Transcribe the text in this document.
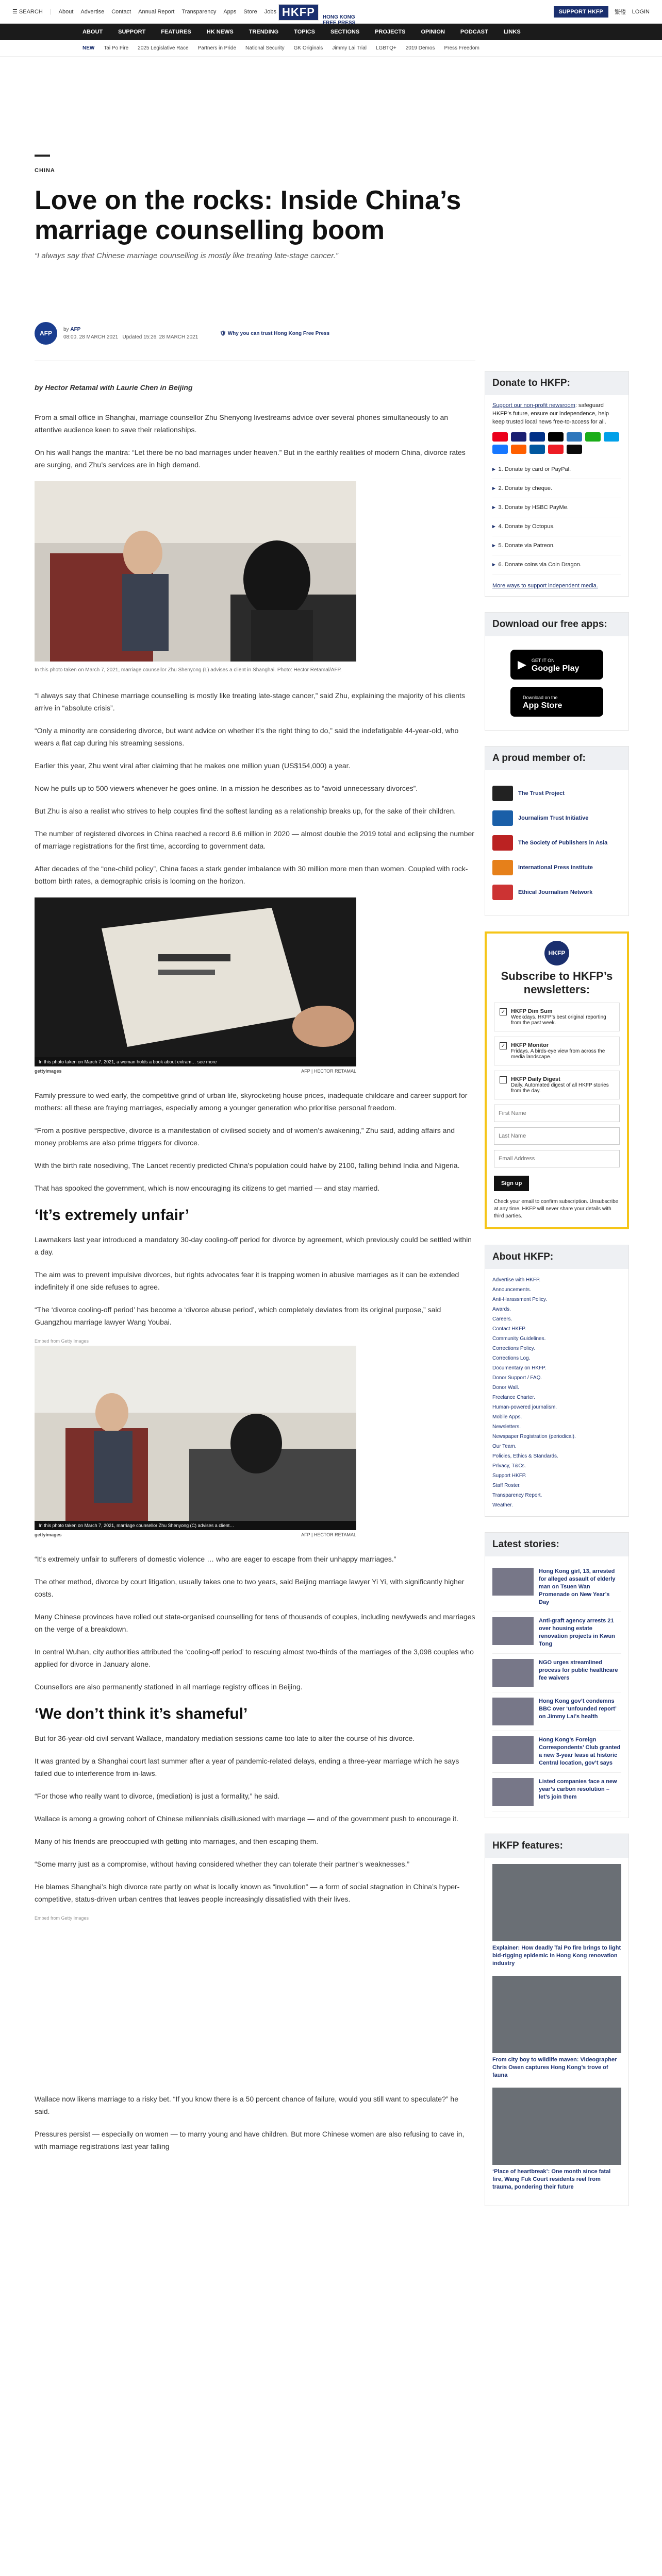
☰ SEARCH | About Advertise Contact Annual Report Transparency Apps Store Jobs HKFP	HONG KONG FREE PRESS
SUPPORT HKFP	繁體 LOGIN
ABOUT	SUPPORT	FEATURES	HK NEWS	TRENDING	TOPICS	SECTIONS	PROJECTS	OPINION	PODCAST	LINKS
NEW Tai Po Fire 2025 Legislative Race Partners in Pride National Security GK Originals Jimmy Lai Trial LGBTQ+ 2019 Demos Press Freedom
CHINA
Love on the rocks: Inside China’s marriage counselling boom
“I always say that Chinese marriage counselling is mostly like treating late-stage cancer.”
AFP
by AFP
08:00, 28 MARCH 2021 Updated 15:26, 28 MARCH 2021
🛡 Why you can trust Hong Kong Free Press

by Hector Retamal with Laurie Chen in Beijing

From a small office in Shanghai, marriage counsellor Zhu Shenyong livestreams advice over several phones simultaneously to an attentive audience keen to save their relationships.

On his wall hangs the mantra: “Let there be no bad marriages under heaven.” But in the earthly realities of modern China, divorce rates are surging, and Zhu’s services are in high demand.

In this photo taken on March 7, 2021, marriage counsellor Zhu Shenyong (L) advises a client in Shanghai. Photo: Hector Retamal/AFP.

“I always say that Chinese marriage counselling is mostly like treating late-stage cancer,” said Zhu, explaining the majority of his clients arrive in “absolute crisis”.

“Only a minority are considering divorce, but want advice on whether it’s the right thing to do,” said the indefatigable 44-year-old, who wears a flat cap during his streaming sessions.

Earlier this year, Zhu went viral after claiming that he makes one million yuan (US$154,000) a year.

Now he pulls up to 500 viewers whenever he goes online. In a mission he describes as to “avoid unnecessary divorces”.

But Zhu is also a realist who strives to help couples find the softest landing as a relationship breaks up, for the sake of their children.

The number of registered divorces in China reached a record 8.6 million in 2020 — almost double the 2019 total and eclipsing the number of marriage registrations for the first time, according to government data.

After decades of the “one-child policy”, China faces a stark gender imbalance with 30 million more men than women. Coupled with rock-bottom birth rates, a demographic crisis is looming on the horizon.

In this photo taken on March 7, 2021, a woman holds a book about extram… see more
gettyimages	AFP | HECTOR RETAMAL

Family pressure to wed early, the competitive grind of urban life, skyrocketing house prices, inadequate childcare and career support for mothers: all these are fraying marriages, especially among a younger generation who prioritise personal freedom.

“From a positive perspective, divorce is a manifestation of civilised society and of women’s awakening,” Zhu said, adding affairs and money problems are also prime triggers for divorce.

With the birth rate nosediving, The Lancet recently predicted China’s population could halve by 2100, falling behind India and Nigeria.

That has spooked the government, which is now encouraging its citizens to get married — and stay married.

‘It’s extremely unfair’

Lawmakers last year introduced a mandatory 30-day cooling-off period for divorce by agreement, which previously could be settled within a day.

The aim was to prevent impulsive divorces, but rights advocates fear it is trapping women in abusive marriages as it can be extended indefinitely if one side refuses to agree.

“The ‘divorce cooling-off period’ has become a ‘divorce abuse period’, which completely deviates from its original purpose,” said Guangzhou marriage lawyer Wang Youbai.

Embed from Getty Images
In this photo taken on March 7, 2021, marriage counsellor Zhu Shenyong (C) advises a client…
gettyimages	AFP | HECTOR RETAMAL

“It’s extremely unfair to sufferers of domestic violence … who are eager to escape from their unhappy marriages.”

The other method, divorce by court litigation, usually takes one to two years, said Beijing marriage lawyer Yi Yi, with significantly higher costs.

Many Chinese provinces have rolled out state-organised counselling for tens of thousands of couples, including newlyweds and marriages on the verge of a breakdown.

In central Wuhan, city authorities attributed the ‘cooling-off period’ to rescuing almost two-thirds of the marriages of the 3,098 couples who applied for divorce in January alone.

Counsellors are also permanently stationed in all marriage registry offices in Beijing.

‘We don’t think it’s shameful’

But for 36-year-old civil servant Wallace, mandatory mediation sessions came too late to alter the course of his divorce.

It was granted by a Shanghai court last summer after a year of pandemic-related delays, ending a three-year marriage which he says failed due to interference from in-laws.

“For those who really want to divorce, (mediation) is just a formality,” he said.

Wallace is among a growing cohort of Chinese millennials disillusioned with marriage — and of the government push to encourage it.

Many of his friends are preoccupied with getting into marriages, and then escaping them.

“Some marry just as a compromise, without having considered whether they can tolerate their partner’s weaknesses.”

He blames Shanghai’s high divorce rate partly on what is locally known as “involution” — a form of social stagnation in China’s hyper-competitive, status-driven urban centres that leaves people increasingly dissatisfied with their lives.

Embed from Getty Images

Wallace now likens marriage to a risky bet. “If you know there is a 50 percent chance of failure, would you still want to speculate?” he said.

Pressures persist — especially on women — to marry young and have children. But more Chinese women are also refusing to cave in, with marriage registrations last year falling

Donate to HKFP:
Support our non-profit newsroom: safeguard HKFP’s future, ensure our independence, help keep trusted local news free-to-access for all.
▸ 1. Donate by card or PayPal.
▸ 2. Donate by cheque.
▸ 3. Donate by HSBC PayMe.
▸ 4. Donate by Octopus.
▸ 5. Donate via Patreon.
▸ 6. Donate coins via Coin Dragon.
More ways to support independent media.
Download our free apps:
▶ GET IT ON
Google Play
Download on the
App Store
A proud member of:
The Trust Project
Journalism Trust Initiative
The Society of Publishers in Asia
International Press Institute
Ethical Journalism Network
HKFP
Subscribe to HKFP’s newsletters:
✓ HKFP Dim Sum
Weekdays. HKFP’s best original reporting from the past week.
✓ HKFP Monitor
Fridays. A birds-eye view from across the media landscape.
HKFP Daily Digest
Daily. Automated digest of all HKFP stories from the day.
First Name Last Name Email Address Sign up
Check your email to confirm subscription. Unsubscribe at any time. HKFP will never share your details with third parties.
About HKFP:
Advertise with HKFP.
Announcements.
Anti-Harassment Policy.
Awards.
Careers.
Contact HKFP.
Community Guidelines.
Corrections Policy.
Corrections Log.
Documentary on HKFP.
Donor Support / FAQ.
Donor Wall.
Freelance Charter.
Human-powered journalism.
Mobile Apps.
Newsletters.
Newspaper Registration (periodical).
Our Team.
Policies, Ethics & Standards.
Privacy, T&Cs.
Support HKFP.
Staff Roster.
Transparency Report.
Weather.
Latest stories:
Hong Kong girl, 13, arrested for alleged assault of elderly man on Tsuen Wan Promenade on New Year’s Day
Anti-graft agency arrests 21 over housing estate renovation projects in Kwun Tong
NGO urges streamlined process for public healthcare fee waivers
Hong Kong gov’t condemns BBC over ‘unfounded report’ on Jimmy Lai’s health
Hong Kong’s Foreign Correspondents’ Club granted a new 3-year lease at historic Central location, gov’t says
Listed companies face a new year’s carbon resolution – let’s join them
HKFP features:
Explainer: How deadly Tai Po fire brings to light bid-rigging epidemic in Hong Kong renovation industry
From city boy to wildlife maven: Videographer Chris Owen captures Hong Kong’s trove of fauna
‘Place of heartbreak’: One month since fatal fire, Wang Fuk Court residents reel from trauma, pondering their future
